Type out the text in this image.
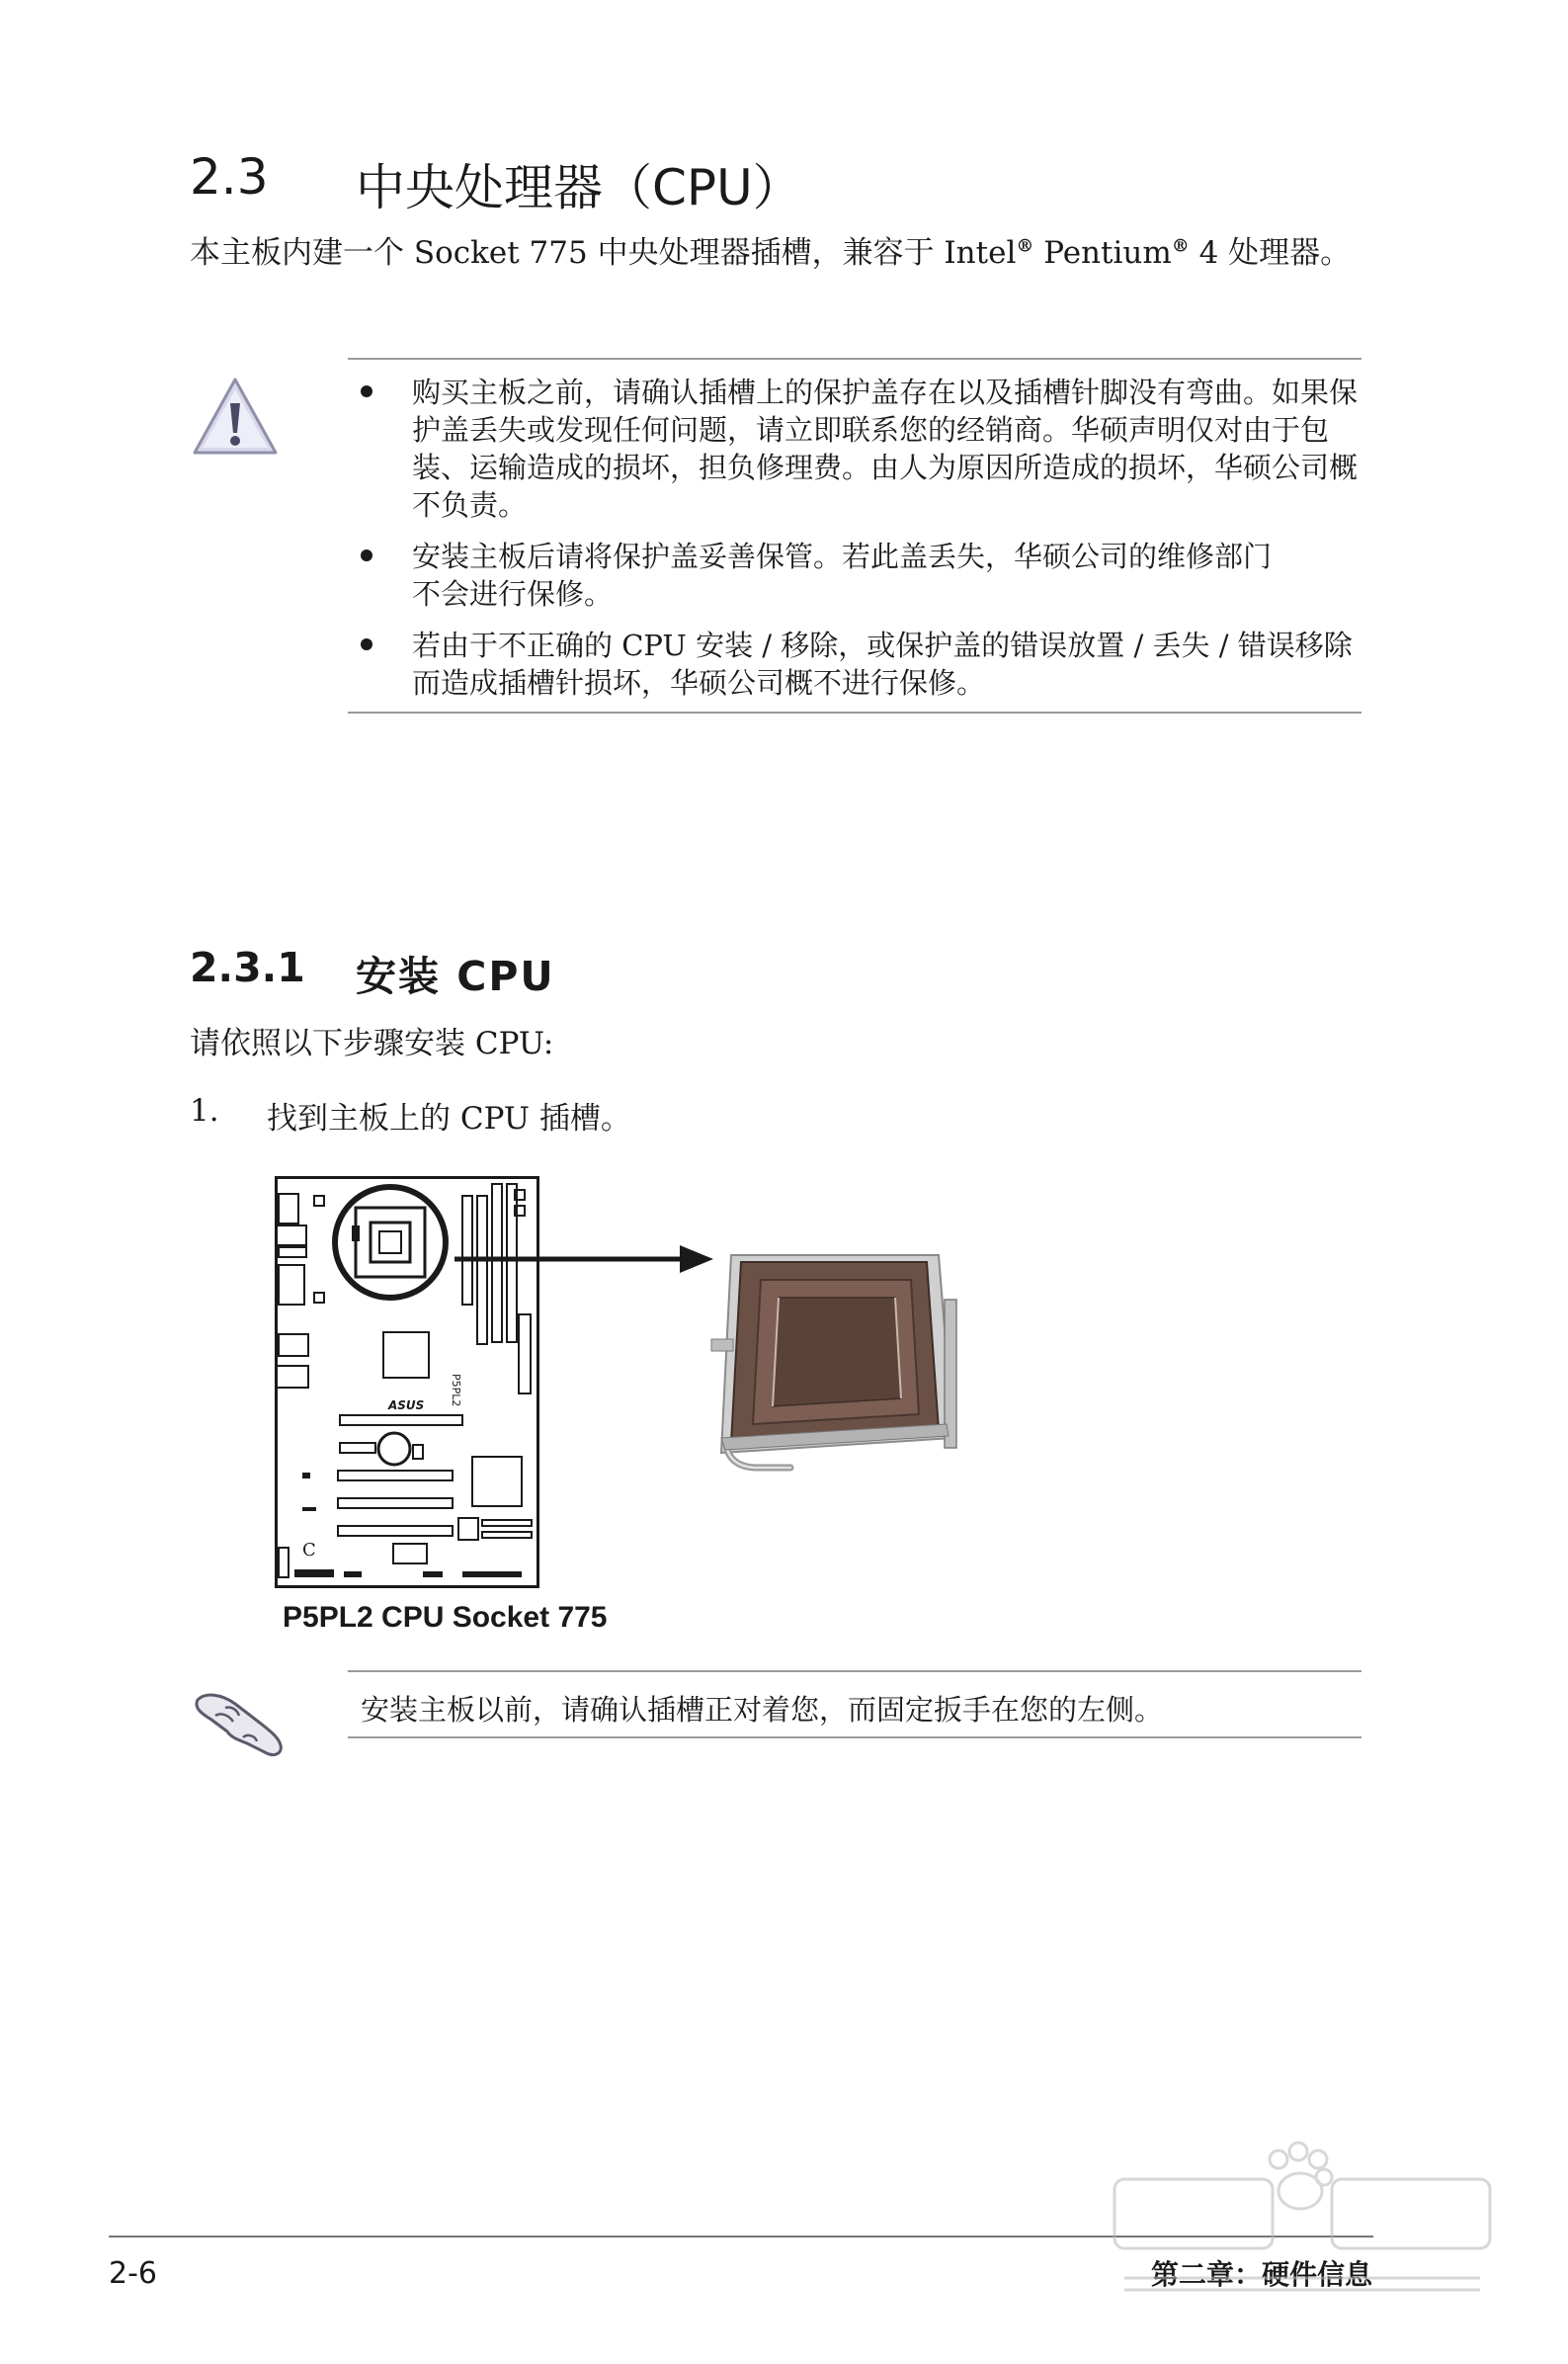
2.3 中央处理器（CPU）
本主板内建一个 Socket 775 中央处理器插槽，兼容于 Intel® Pentium® 4 处理器。
购买主板之前，请确认插槽上的保护盖存在以及插槽针脚没有弯曲。如果保
护盖丢失或发现任何问题，请立即联系您的经销商。华硕声明仅对由于包
装、运输造成的损坏，担负修理费。由人为原因所造成的损坏，华硕公司概
不负责。
安装主板后请将保护盖妥善保管。若此盖丢失，华硕公司的维修部门
不会进行保修。
若由于不正确的 CPU 安装 / 移除，或保护盖的错误放置 / 丢失 / 错误移除
而造成插槽针损坏，华硕公司概不进行保修。
2.3.1 安装 CPU
请依照以下步骤安装 CPU:
1. 找到主板上的 CPU 插槽。
P5PL2
ASUS
C
P5PL2 CPU Socket 775
安装主板以前，请确认插槽正对着您，而固定扳手在您的左侧。
2-6	第二章：硬件信息
